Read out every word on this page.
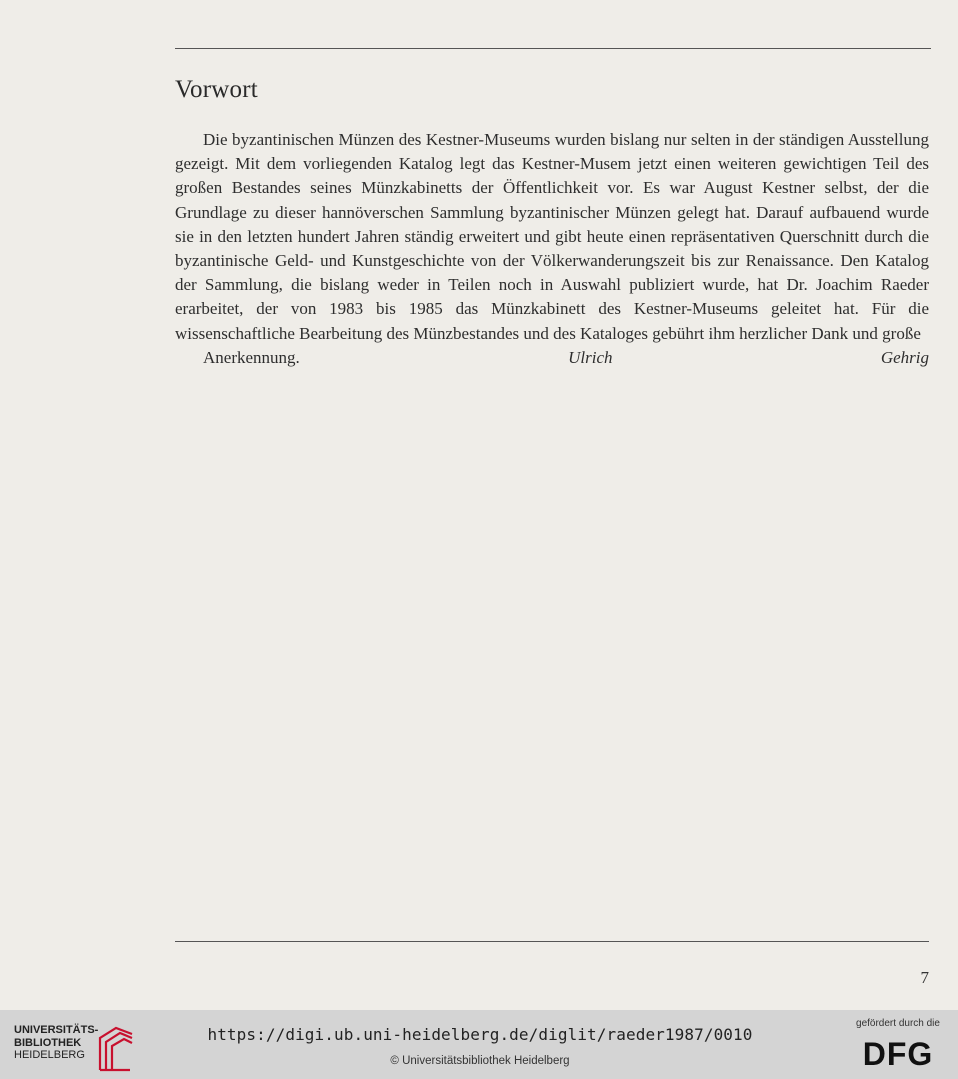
Vorwort

Die byzantinischen Münzen des Kestner-Museums wurden bislang nur selten in der ständigen Ausstellung gezeigt. Mit dem vorliegenden Katalog legt das Kestner-Musem jetzt einen weiteren gewichtigen Teil des großen Bestandes seines Münzkabinetts der Öffentlichkeit vor. Es war August Kestner selbst, der die Grundlage zu dieser hannöverschen Sammlung byzantinischer Münzen gelegt hat. Darauf aufbauend wurde sie in den letzten hundert Jahren ständig erweitert und gibt heute einen repräsentativen Querschnitt durch die byzantinische Geld- und Kunstgeschichte von der Völkerwanderungszeit bis zur Renaissance. Den Katalog der Sammlung, die bislang weder in Teilen noch in Auswahl publiziert wurde, hat Dr. Joachim Raeder erarbeitet, der von 1983 bis 1985 das Münzkabinett des Kestner-Museums geleitet hat. Für die wissenschaftliche Bearbeitung des Münzbestandes und des Kataloges gebührt ihm herzlicher Dank und große
Anerkennung.	Ulrich Gehrig

7
UNIVERSITÄTS-
BIBLIOTHEK
HEIDELBERG
https://digi.ub.uni-heidelberg.de/diglit/raeder1987/0010
© Universitätsbibliothek Heidelberg
gefördert durch die
DFG
